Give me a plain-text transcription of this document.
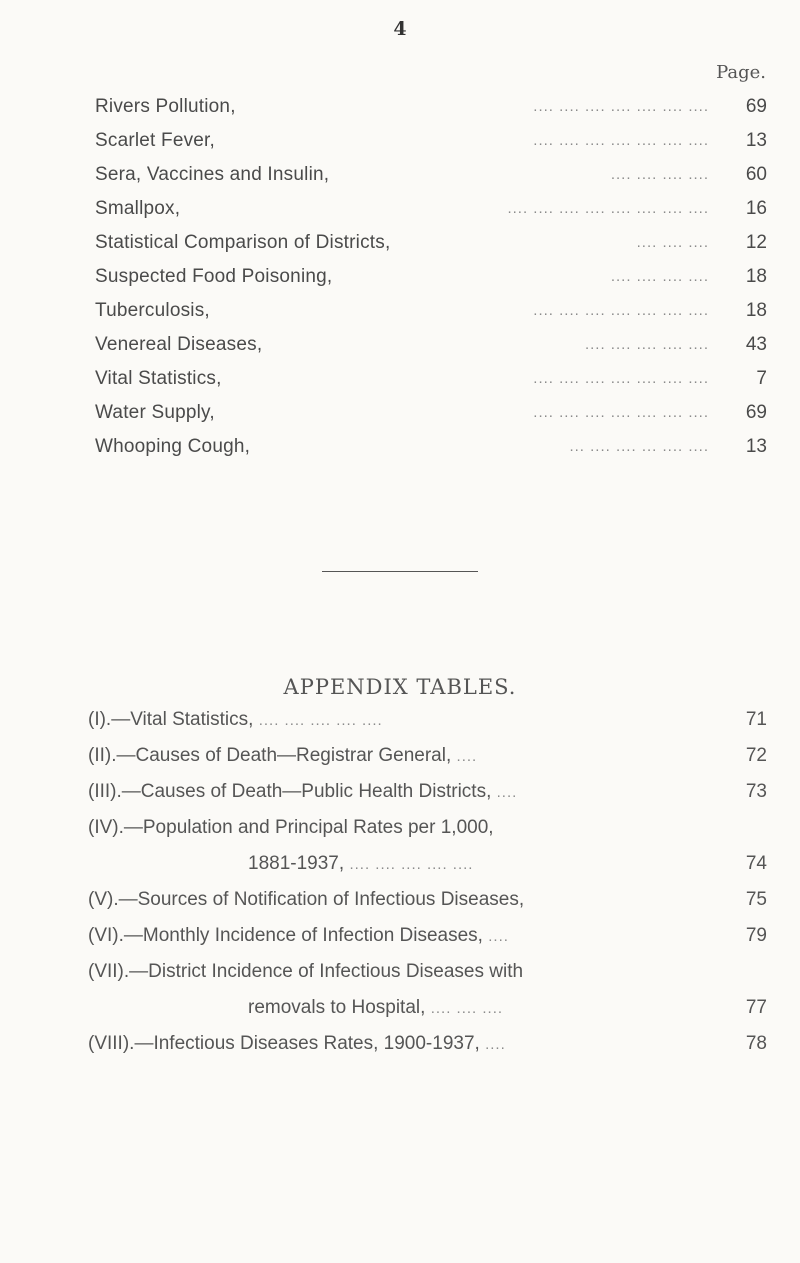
4
Page.
Rivers Pollution,	.... .... .... .... .... .... ....	69
Scarlet Fever,	.... .... .... .... .... .... ....	13
Sera, Vaccines and Insulin,	.... .... .... ....	60
Smallpox,	.... .... .... .... .... .... .... ....	16
Statistical Comparison of Districts,	.... .... ....	12
Suspected Food Poisoning,	.... .... .... ....	18
Tuberculosis,	.... .... .... .... .... .... ....	18
Venereal Diseases,	.... .... .... .... ....	43
Vital Statistics,	.... .... .... .... .... .... ....	7
Water Supply,	.... .... .... .... .... .... ....	69
Whooping Cough,	... .... .... ... .... ....	13
APPENDIX TABLES.
(I).—Vital Statistics, .... .... .... .... ....	71
(II).—Causes of Death—Registrar General, ....	72
(III).—Causes of Death—Public Health Districts, ....	73
(IV).—Population and Principal Rates per 1,000,
1881-1937, .... .... .... .... ....	74
(V).—Sources of Notification of Infectious Diseases,	75
(VI).—Monthly Incidence of Infection Diseases, ....	79
(VII).—District Incidence of Infectious Diseases with
removals to Hospital, .... .... ....	77
(VIII).—Infectious Diseases Rates, 1900-1937, ....	78
